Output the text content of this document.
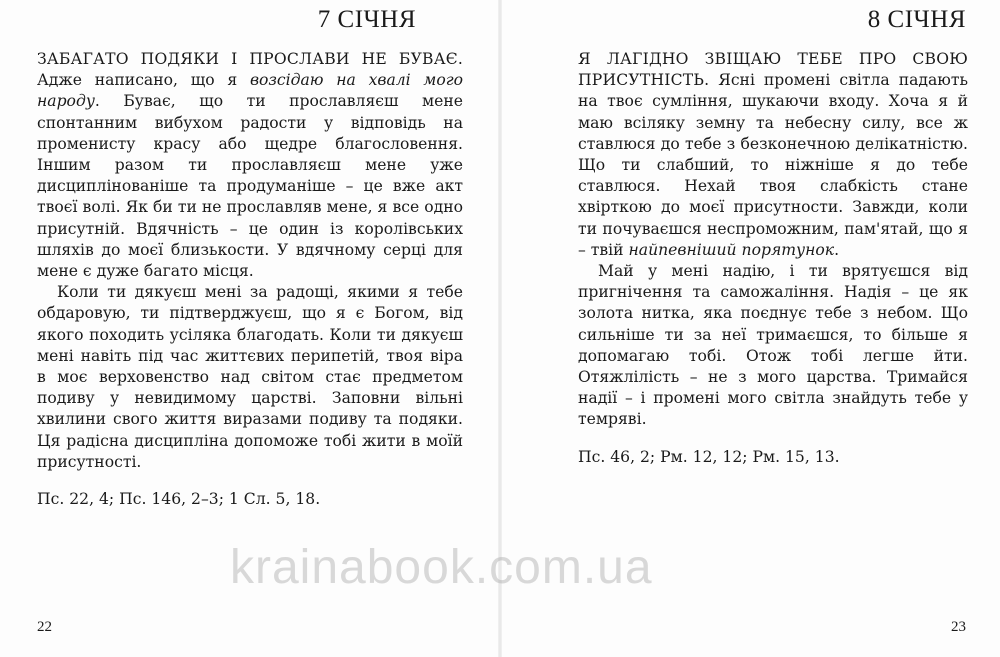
7 СІЧНЯ

ЗАБАГАТО ПОДЯКИ І ПРОСЛАВИ НЕ БУВАЄ. Адже написано, що я возсідаю на хвалі мого народу. Буває, що ти прославляєш мене спонтанним вибухом радости у відповідь на променисту красу або щедре благословення. Іншим разом ти прославляєш мене уже дисциплінованіше та продуманіше – це вже акт твоєї волі. Як би ти не прославляв мене, я все одно присутній. Вдячність – це один із королівських шляхів до моєї близькости. У вдячному серці для мене є дуже багато місця.

Коли ти дякуєш мені за радощі, якими я тебе обдаровую, ти підтверджуєш, що я є Богом, від якого походить усіляка благодать. Коли ти дякуєш мені навіть під час життєвих перипетій, твоя віра в моє верховенство над світом стає предметом подиву у невидимому царстві. Заповни вільні хвилини свого життя виразами подиву та подяки. Ця радісна дисципліна допоможе тобі жити в моїй присутності.

Пс. 22, 4; Пс. 146, 2–3; 1 Сл. 5, 18.

22
8 СІЧНЯ

Я ЛАГІДНО ЗВІЩАЮ ТЕБЕ ПРО СВОЮ ПРИСУТНІСТЬ. Ясні промені світла падають на твоє сумління, шукаючи входу. Хоча я й маю всіляку земну та небесну силу, все ж ставлюся до тебе з безконечною делікатністю. Що ти слабший, то ніжніше я до тебе ставлюся. Нехай твоя слабкість стане хвірткою до моєї присутности. Завжди, коли ти почуваєшся неспроможним, пам'ятай, що я – твій найпевніший порятунок.

Май у мені надію, і ти врятуєшся від пригнічення та саможаління. Надія – це як золота нитка, яка поєднує тебе з небом. Що сильніше ти за неї тримаєшся, то більше я допомагаю тобі. Отож тобі легше йти. Отяжлілість – не з мого царства. Тримайся надії – і промені мого світла знайдуть тебе у темряві.

Пс. 46, 2; Рм. 12, 12; Рм. 15, 13.

23
krainabook.com.ua
